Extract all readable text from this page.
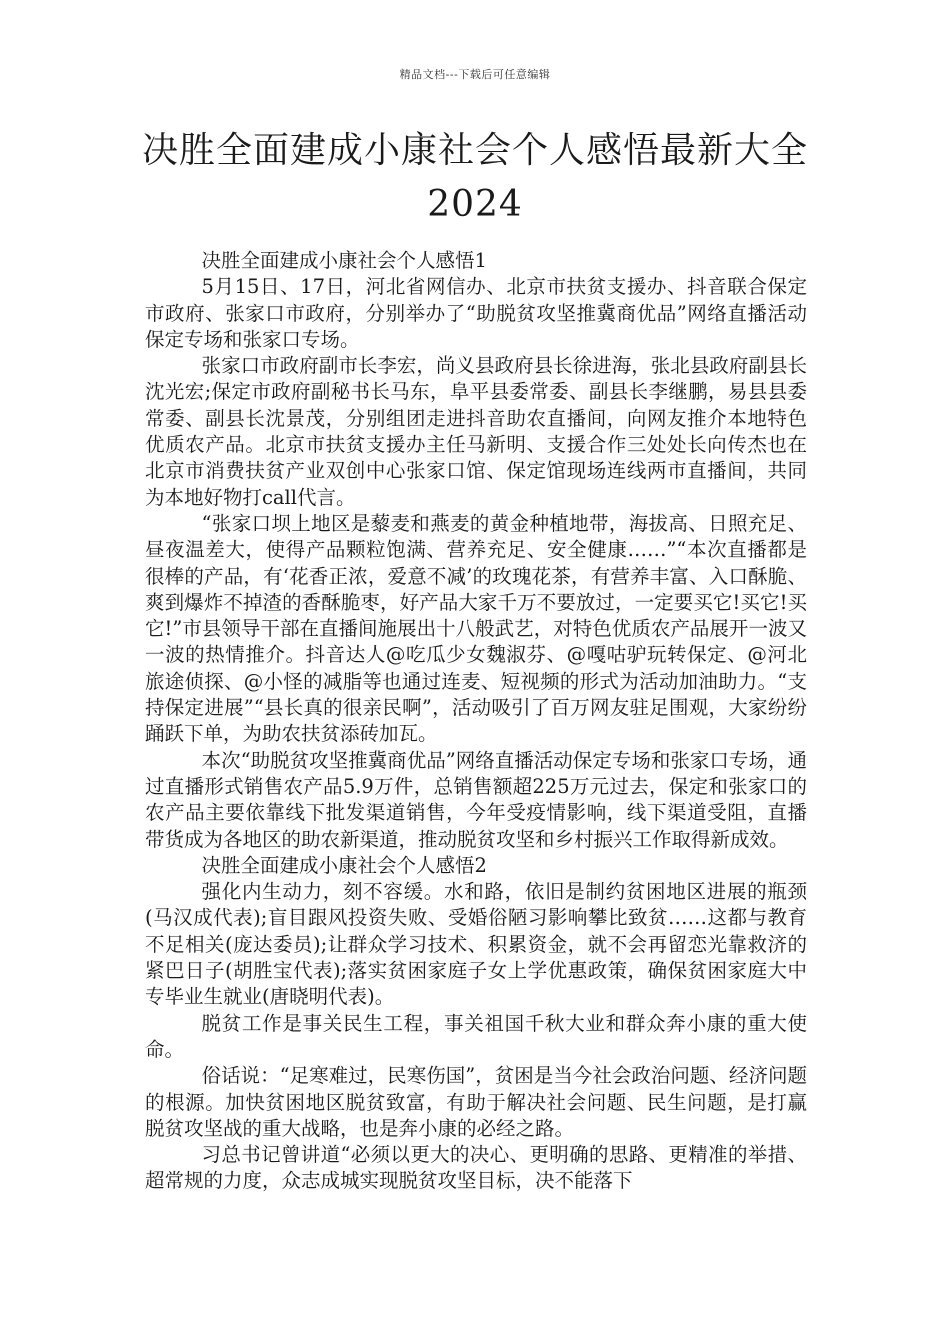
精品文档---下载后可任意编辑
决胜全面建成小康社会个人感悟最新大全2024

决胜全面建成小康社会个人感悟1

5月15日、17日，河北省网信办、北京市扶贫支援办、抖音联合保定市政府、张家口市政府，分别举办了“助脱贫攻坚推冀商优品”网络直播活动保定专场和张家口专场。

张家口市政府副市长李宏，尚义县政府县长徐进海，张北县政府副县长沈光宏;保定市政府副秘书长马东，阜平县委常委、副县长李继鹏，易县县委常委、副县长沈景茂，分别组团走进抖音助农直播间，向网友推介本地特色优质农产品。北京市扶贫支援办主任马新明、支援合作三处处长向传杰也在北京市消费扶贫产业双创中心张家口馆、保定馆现场连线两市直播间，共同为本地好物打call代言。

“张家口坝上地区是藜麦和燕麦的黄金种植地带，海拔高、日照充足、昼夜温差大，使得产品颗粒饱满、营养充足、安全健康……”“本次直播都是很棒的产品，有‘花香正浓，爱意不减’的玫瑰花茶，有营养丰富、入口酥脆、爽到爆炸不掉渣的香酥脆枣，好产品大家千万不要放过，一定要买它!买它!买它!”市县领导干部在直播间施展出十八般武艺，对特色优质农产品展开一波又一波的热情推介。抖音达人@吃瓜少女魏淑芬、@嘎咕驴玩转保定、@河北旅途侦探、@小怪的减脂等也通过连麦、短视频的形式为活动加油助力。“支持保定进展”“县长真的很亲民啊”，活动吸引了百万网友驻足围观，大家纷纷踊跃下单，为助农扶贫添砖加瓦。

本次“助脱贫攻坚推冀商优品”网络直播活动保定专场和张家口专场，通过直播形式销售农产品5.9万件，总销售额超225万元过去，保定和张家口的农产品主要依靠线下批发渠道销售，今年受疫情影响，线下渠道受阻，直播带货成为各地区的助农新渠道，推动脱贫攻坚和乡村振兴工作取得新成效。

决胜全面建成小康社会个人感悟2

强化内生动力，刻不容缓。水和路，依旧是制约贫困地区进展的瓶颈(马汉成代表);盲目跟风投资失败、受婚俗陋习影响攀比致贫……这都与教育不足相关(庞达委员);让群众学习技术、积累资金，就不会再留恋光靠救济的紧巴日子(胡胜宝代表);落实贫困家庭子女上学优惠政策，确保贫困家庭大中专毕业生就业(唐晓明代表)。

脱贫工作是事关民生工程，事关祖国千秋大业和群众奔小康的重大使命。

俗话说：“足寒难过，民寒伤国”，贫困是当今社会政治问题、经济问题的根源。加快贫困地区脱贫致富，有助于解决社会问题、民生问题，是打赢脱贫攻坚战的重大战略，也是奔小康的必经之路。

习总书记曾讲道“必须以更大的决心、更明确的思路、更精准的举措、超常规的力度，众志成城实现脱贫攻坚目标，决不能落下
